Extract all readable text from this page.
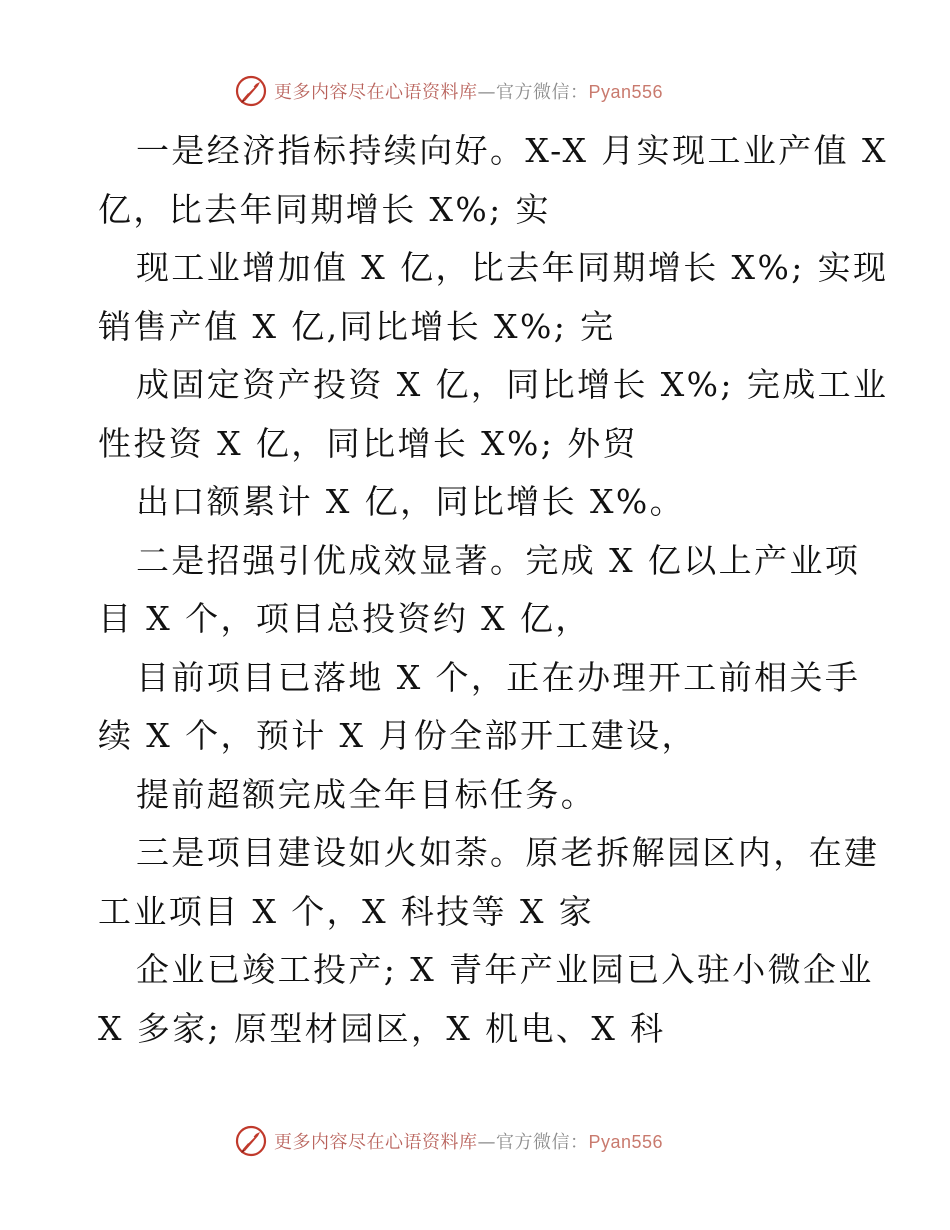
更多内容尽在心语资料库—官方微信：Pyan556
一是经济指标持续向好。X-X 月实现工业产值 X
亿，比去年同期增长 X%; 实
现工业增加值 X 亿，比去年同期增长 X%; 实现
销售产值 X 亿,同比增长 X%; 完
成固定资产投资 X 亿，同比增长 X%; 完成工业
性投资 X 亿，同比增长 X%; 外贸
出口额累计 X 亿，同比增长 X%。
二是招强引优成效显著。完成 X 亿以上产业项
目 X 个，项目总投资约 X 亿，
目前项目已落地 X 个，正在办理开工前相关手
续 X 个，预计 X 月份全部开工建设，
提前超额完成全年目标任务。
三是项目建设如火如荼。原老拆解园区内，在建
工业项目 X 个，X 科技等 X 家
企业已竣工投产; X 青年产业园已入驻小微企业
X 多家; 原型材园区，X 机电、X 科
更多内容尽在心语资料库—官方微信：Pyan556
